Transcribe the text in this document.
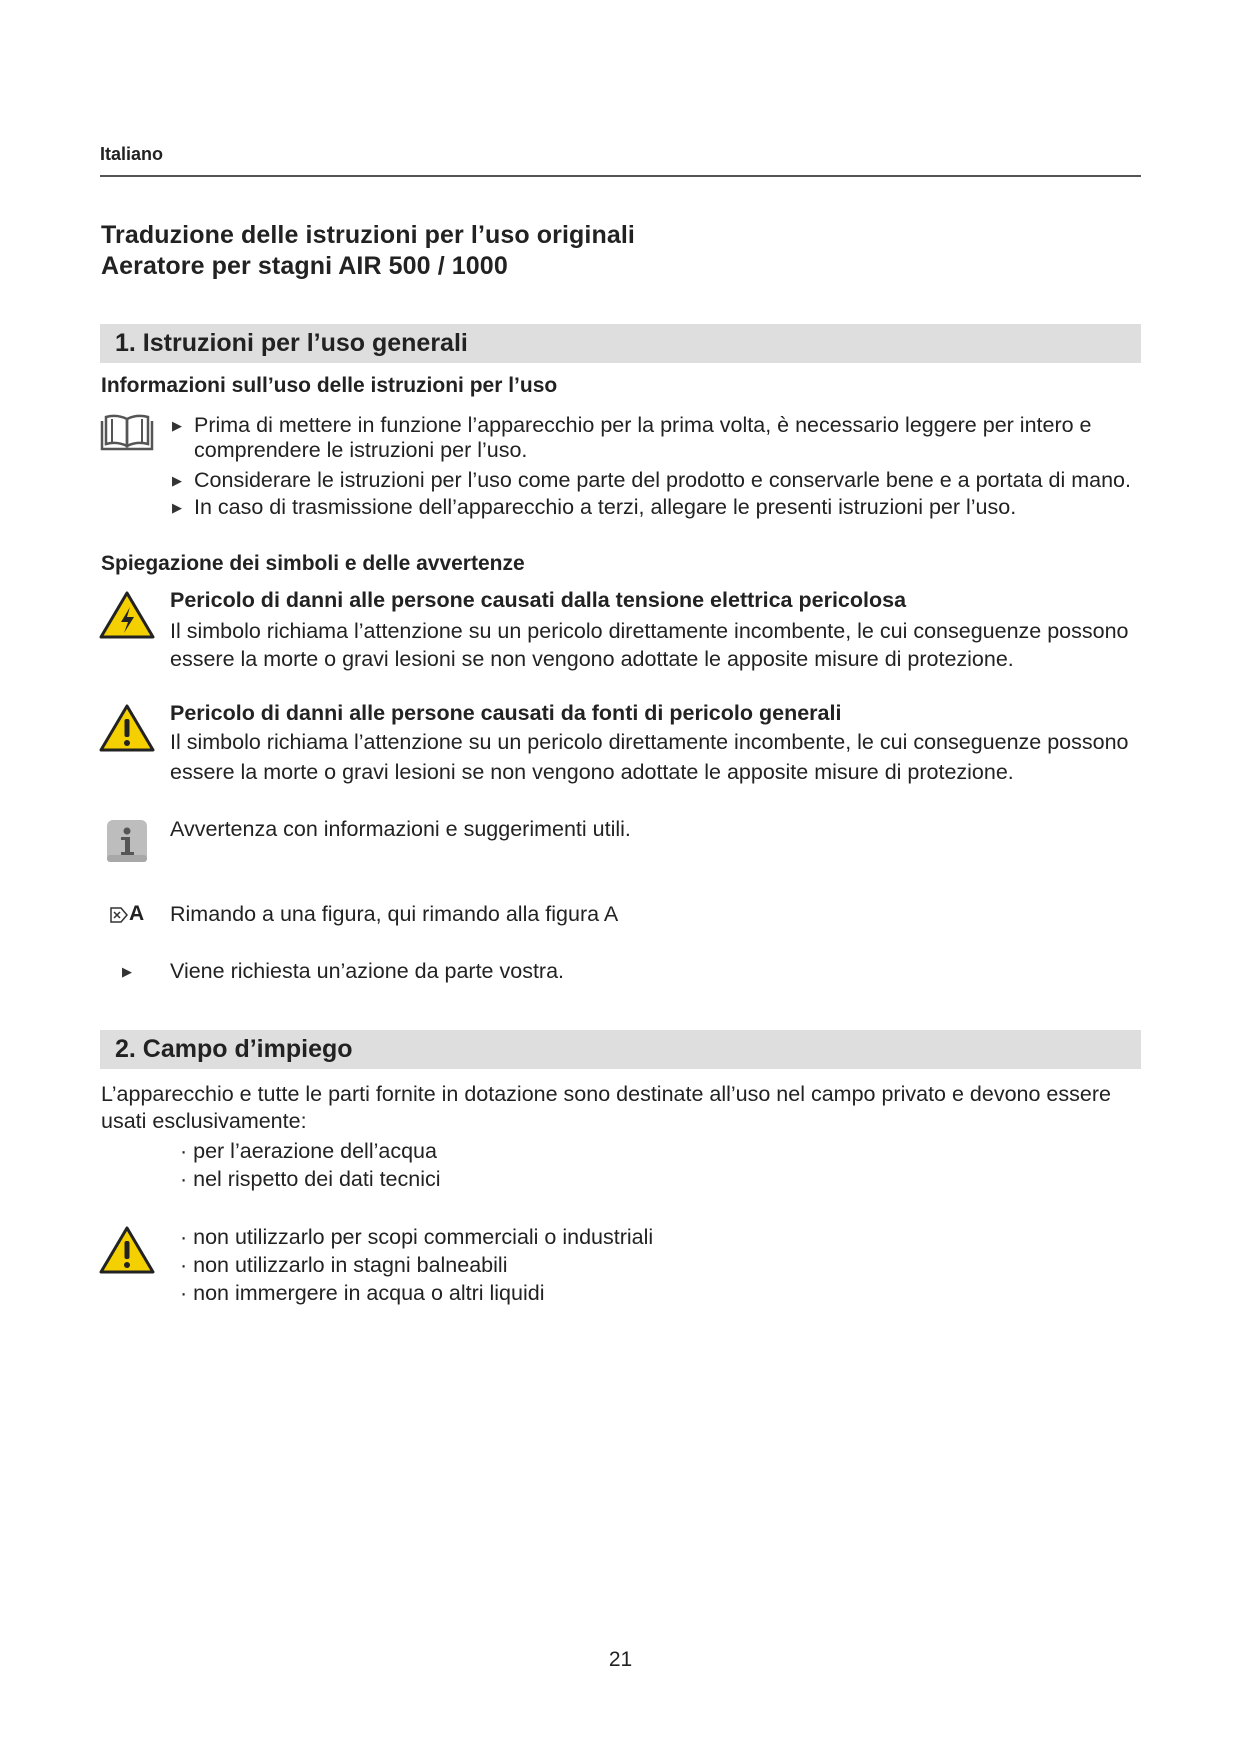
Italiano
Traduzione delle istruzioni per l’uso originali
Aeratore per stagni AIR 500 / 1000
1. Istruzioni per l’uso generali
Informazioni sull’uso delle istruzioni per l’uso
▶ Prima di mettere in funzione l’apparecchio per la prima volta, è necessario leggere per intero e
comprendere le istruzioni per l’uso.
▶ Considerare le istruzioni per l’uso come parte del prodotto e conservarle bene e a portata di mano.
▶ In caso di trasmissione dell’apparecchio a terzi, allegare le presenti istruzioni per l’uso.
Spiegazione dei simboli e delle avvertenze
Pericolo di danni alle persone causati dalla tensione elettrica pericolosa
Il simbolo richiama l’attenzione su un pericolo direttamente incombente, le cui conseguenze possono
essere la morte o gravi lesioni se non vengono adottate le apposite misure di protezione.
Pericolo di danni alle persone causati da fonti di pericolo generali
Il simbolo richiama l’attenzione su un pericolo direttamente incombente, le cui conseguenze possono
essere la morte o gravi lesioni se non vengono adottate le apposite misure di protezione.
Avvertenza con informazioni e suggerimenti utili.
A Rimando a una figura, qui rimando alla figura A
▶ Viene richiesta un’azione da parte vostra.
2. Campo d’impiego
L’apparecchio e tutte le parti fornite in dotazione sono destinate all’uso nel campo privato e devono essere
usati esclusivamente:
· per l’aerazione dell’acqua
· nel rispetto dei dati tecnici
· non utilizzarlo per scopi commerciali o industriali
· non utilizzarlo in stagni balneabili
· non immergere in acqua o altri liquidi
21
